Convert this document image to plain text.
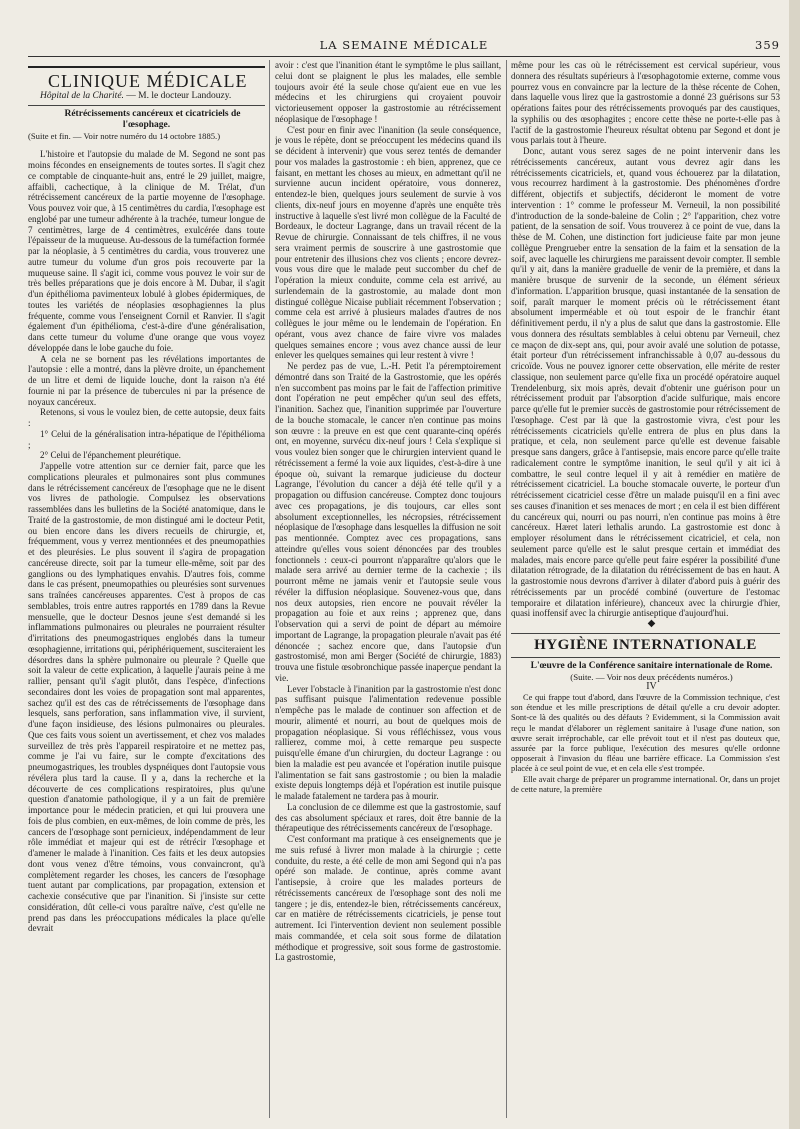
LA SEMAINE MÉDICALE	359
CLINIQUE MÉDICALE

Hôpital de la Charité. — M. le docteur Landouzy.

Rétrécissements cancéreux et cicatriciels de l'œsophage.

(Suite et fin. — Voir notre numéro du 14 octobre 1885.)

L'histoire et l'autopsie du malade de M. Segond ne sont pas moins fécondes en enseignements de toutes sortes. Il s'agit chez ce comptable de cinquante-huit ans, entré le 29 juillet, maigre, affaibli, cachectique, à la clinique de M. Trélat, d'un rétrécissement cancéreux de la partie moyenne de l'œsophage. Vous pouvez voir que, à 15 centimètres du cardia, l'œsophage est englobé par une tumeur adhérente à la trachée, tumeur longue de 7 centimètres, large de 4 centimètres, exulcérée dans toute l'épaisseur de la muqueuse. Au-dessous de la tuméfaction formée par la néoplasie, à 5 centimètres du cardia, vous trouverez une autre tumeur du volume d'un gros pois recouverte par la muqueuse saine. Il s'agit ici, comme vous pouvez le voir sur de très belles préparations que je dois encore à M. Dubar, il s'agit d'un épithélioma pavimenteux lobulé à globes épidermiques, de toutes les variétés de néoplasies œsophagiennes la plus fréquente, comme vous l'enseignent Cornil et Ranvier. Il s'agit également d'un épithélioma, c'est-à-dire d'une généralisation, dans cette tumeur du volume d'une orange que vous voyez développée dans le lobe gauche du foie.

A cela ne se bornent pas les révélations importantes de l'autopsie : elle a montré, dans la plèvre droite, un épanchement de un litre et demi de liquide louche, dont la raison n'a été fournie ni par la présence de tubercules ni par la présence de noyaux cancéreux.

Retenons, si vous le voulez bien, de cette autopsie, deux faits :

1° Celui de la généralisation intra-hépatique de l'épithélioma ;

2° Celui de l'épanchement pleurétique.

J'appelle votre attention sur ce dernier fait, parce que les complications pleurales et pulmonaires sont plus communes dans le rétrécissement cancéreux de l'œsophage que ne le disent vos livres de pathologie. Compulsez les observations rassemblées dans les bulletins de la Société anatomique, dans le Traité de la gastrostomie, de mon distingué ami le docteur Petit, ou bien encore dans les divers recueils de chirurgie, et, fréquemment, vous y verrez mentionnées et des pneumopathies et des pleurésies. Le plus souvent il s'agira de propagation cancéreuse directe, soit par la tumeur elle-même, soit par des ganglions ou des lymphatiques envahis. D'autres fois, comme dans le cas présent, pneumopathies ou pleurésies sont survenues sans traînées cancéreuses apparentes. C'est à propos de cas semblables, trois entre autres rapportés en 1789 dans la Revue mensuelle, que le docteur Desnos jeune s'est demandé si les inflammations pulmonaires ou pleurales ne pourraient résulter d'irritations des pneumogastriques englobés dans la tumeur œsophagienne, irritations qui, périphériquement, susciteraient les désordres dans la sphère pulmonaire ou pleurale ? Quelle que soit la valeur de cette explication, à laquelle j'aurais peine à me rallier, pensant qu'il s'agit plutôt, dans l'espèce, d'infections secondaires dont les voies de propagation sont mal apparentes, sachez qu'il est des cas de rétrécissements de l'œsophage dans lesquels, sans perforation, sans inflammation vive, il survient, d'une façon insidieuse, des lésions pulmonaires ou pleurales. Que ces faits vous soient un avertissement, et chez vos malades surveillez de très près l'appareil respiratoire et ne mettez pas, comme je l'ai vu faire, sur le compte d'excitations des pneumogastriques, les troubles dyspnéiques dont l'autopsie vous révélera plus tard la cause. Il y a, dans la recherche et la découverte de ces complications respiratoires, plus qu'une question d'anatomie pathologique, il y a un fait de première importance pour le médecin praticien, et qui lui prouvera une fois de plus combien, en eux-mêmes, de loin comme de près, les cancers de l'œsophage sont pernicieux, indépendamment de leur rôle immédiat et majeur qui est de rétrécir l'œsophage et d'amener le malade à l'inanition. Ces faits et les deux autopsies dont vous venez d'être témoins, vous convaincront, qu'à complètement regarder les choses, les cancers de l'œsophage tuent autant par complications, par propagation, extension et cachexie consécutive que par l'inanition. Si j'insiste sur cette considération, dût celle-ci vous paraître naïve, c'est qu'elle ne prend pas dans les préoccupations médicales la place qu'elle devrait

avoir : c'est que l'inanition étant le symptôme le plus saillant, celui dont se plaignent le plus les malades, elle semble toujours avoir été la seule chose qu'aient eue en vue les médecins et les chirurgiens qui croyaient pouvoir victorieusement opposer la gastrostomie au rétrécissement néoplasique de l'œsophage !

C'est pour en finir avec l'inanition (la seule conséquence, je vous le répète, dont se préoccupent les médecins quand ils se décident à intervenir) que vous serez tentés de demander pour vos malades la gastrostomie : eh bien, apprenez, que ce faisant, en mettant les choses au mieux, en admettant qu'il ne survienne aucun incident opératoire, vous donnerez, entendez-le bien, quelques jours seulement de survie à vos clients, dix-neuf jours en moyenne d'après une enquête très instructive à laquelle s'est livré mon collègue de la Faculté de Bordeaux, le docteur Lagrange, dans un travail récent de la Revue de chirurgie. Connaissant de tels chiffres, il ne vous sera vraiment permis de souscrire à une gastrostomie que pour entretenir des illusions chez vos clients ; encore devrez-vous vous dire que le malade peut succomber du chef de l'opération la mieux conduite, comme cela est arrivé, au surlendemain de la gastrostomie, au malade dont mon distingué collègue Nicaise publiait récemment l'observation ; comme cela est arrivé à plusieurs malades d'autres de nos collègues le jour même ou le lendemain de l'opération. En opérant, vous avez chance de faire vivre vos malades quelques semaines encore ; vous avez chance aussi de leur enlever les quelques semaines qui leur restent à vivre !

Ne perdez pas de vue, L.-H. Petit l'a péremptoirement démontré dans son Traité de la Gastrostomie, que les opérés n'en succombent pas moins par le fait de l'affection primitive dont l'opération ne peut empêcher qu'un seul des effets, l'inanition. Sachez que, l'inanition supprimée par l'ouverture de la bouche stomacale, le cancer n'en continue pas moins son œuvre : la preuve en est que cent quarante-cinq opérés ont, en moyenne, survécu dix-neuf jours ! Cela s'explique si vous voulez bien songer que le chirurgien intervient quand le rétrécissement a fermé la voie aux liquides, c'est-à-dire à une époque où, suivant la remarque judicieuse du docteur Lagrange, l'évolution du cancer a déjà été telle qu'il y a propagation ou diffusion cancéreuse. Comptez donc toujours avec ces propagations, je dis toujours, car elles sont absolument exceptionnelles, les nécropsies, rétrécissement néoplasique de l'œsophage dans lesquelles la diffusion ne soit pas mentionnée. Comptez avec ces propagations, sans atteindre qu'elles vous soient dénoncées par des troubles fonctionnels : ceux-ci pourront n'apparaître qu'alors que le malade sera arrivé au dernier terme de la cachexie ; ils pourront même ne jamais venir et l'autopsie seule vous révéler la diffusion néoplasique. Souvenez-vous que, dans nos deux autopsies, rien encore ne pouvait révéler la propagation au foie et aux reins ; apprenez que, dans l'observation qui a servi de point de départ au mémoire important de Lagrange, la propagation pleurale n'avait pas été dénoncée ; sachez encore que, dans l'autopsie d'un gastrostomisé, mon ami Berger (Société de chirurgie, 1883) trouva une fistule œsobronchique passée inaperçue pendant la vie.

Lever l'obstacle à l'inanition par la gastrostomie n'est donc pas suffisant puisque l'alimentation redevenue possible n'empêche pas le malade de continuer son affection et de mourir, alimenté et nourri, au bout de quelques mois de propagation néoplasique. Si vous réfléchissez, vous vous rallierez, comme moi, à cette remarque peu suspecte puisqu'elle émane d'un chirurgien, du docteur Lagrange : ou bien la maladie est peu avancée et l'opération inutile puisque l'alimentation se fait sans gastrostomie ; ou bien la maladie existe depuis longtemps déjà et l'opération est inutile puisque le malade fatalement ne tardera pas à mourir.

La conclusion de ce dilemme est que la gastrostomie, sauf des cas absolument spéciaux et rares, doit être bannie de la thérapeutique des rétrécissements cancéreux de l'œsophage.

C'est conformant ma pratique à ces enseignements que je me suis refusé à livrer mon malade à la chirurgie ; cette conduite, du reste, a été celle de mon ami Segond qui n'a pas opéré son malade. Je continue, après comme avant l'antisepsie, à croire que les malades porteurs de rétrécissements cancéreux de l'œsophage sont des noli me tangere ; je dis, entendez-le bien, rétrécissements cancéreux, car en matière de rétrécissements cicatriciels, je pense tout autrement. Ici l'intervention devient non seulement possible mais commandée, et cela soit sous forme de dilatation méthodique et progressive, soit sous forme de gastrostomie. La gastrostomie,

même pour les cas où le rétrécissement est cervical supérieur, vous donnera des résultats supérieurs à l'œsophagotomie externe, comme vous pourrez vous en convaincre par la lecture de la thèse récente de Cohen, dans laquelle vous lirez que la gastrostomie a donné 23 guérisons sur 53 opérations faites pour des rétrécissements provoqués par des caustiques, la syphilis ou des œsophagites ; encore cette thèse ne porte-t-elle pas à l'actif de la gastrostomie l'heureux résultat obtenu par Segond et dont je vous parlais tout à l'heure.

Donc, autant vous serez sages de ne point intervenir dans les rétrécissements cancéreux, autant vous devrez agir dans les rétrécissements cicatriciels, et, quand vous échouerez par la dilatation, vous recourrez hardiment à la gastrostomie. Des phénomènes d'ordre différent, objectifs et subjectifs, décideront le moment de votre intervention : 1° comme le professeur M. Verneuil, la non possibilité d'introduction de la sonde-baleine de Colin ; 2° l'apparition, chez votre patient, de la sensation de soif. Vous trouverez à ce point de vue, dans la thèse de M. Cohen, une distinction fort judicieuse faite par mon jeune collègue Prengrueber entre la sensation de la faim et la sensation de la soif, avec laquelle les chirurgiens me paraissent devoir compter. Il semble qu'il y ait, dans la manière graduelle de venir de la première, et dans la manière brusque de survenir de la seconde, un élément sérieux d'information. L'apparition brusque, quasi instantanée de la sensation de soif, paraît marquer le moment précis où le rétrécissement étant absolument imperméable et où tout espoir de le franchir étant définitivement perdu, il n'y a plus de salut que dans la gastrostomie. Elle vous donnera des résultats semblables à celui obtenu par Verneuil, chez ce maçon de dix-sept ans, qui, pour avoir avalé une solution de potasse, était porteur d'un rétrécissement infranchissable à 0,07 au-dessous du cricoïde. Vous ne pouvez ignorer cette observation, elle mérite de rester classique, non seulement parce qu'elle fixa un procédé opératoire auquel Trendelenburg, six mois après, devait d'obtenir une guérison pour un rétrécissement produit par l'absorption d'acide sulfurique, mais encore parce qu'elle fut le premier succès de gastrostomie pour rétrécissement de l'œsophage. C'est par là que la gastrostomie vivra, c'est pour les rétrécissements cicatriciels qu'elle entrera de plus en plus dans la pratique, et cela, non seulement parce qu'elle est devenue faisable presque sans dangers, grâce à l'antisepsie, mais encore parce qu'elle traite radicalement contre le symptôme inanition, le seul qu'il y ait ici à combattre, le seul contre lequel il y ait à remédier en matière de rétrécissement cicatriciel. La bouche stomacale ouverte, le porteur d'un rétrécissement cicatriciel cesse d'être un malade puisqu'il en a fini avec ses causes d'inanition et ses menaces de mort ; en cela il est bien différent du cancéreux qui, nourri ou pas nourri, n'en continue pas moins à être cancéreux. Hæret lateri lethalis arundo. La gastrostomie est donc à employer résolument dans le rétrécissement cicatriciel, et cela, non seulement parce qu'elle est le salut presque certain et immédiat des malades, mais encore parce qu'elle peut faire espérer la possibilité d'une dilatation rétrograde, de la dilatation du rétrécissement de bas en haut. A la gastrostomie nous devrons d'arriver à dilater d'abord puis à guérir des rétrécissements par un procédé combiné (ouverture de l'estomac temporaire et dilatation inférieure), chanceux avec la chirurgie d'hier, quasi inoffensif avec la chirurgie antiseptique d'aujourd'hui.

◆

HYGIÈNE INTERNATIONALE

L'œuvre de la Conférence sanitaire internationale de Rome.

(Suite. — Voir nos deux précédents numéros.)

IV

Ce qui frappe tout d'abord, dans l'œuvre de la Commission technique, c'est son étendue et les mille prescriptions de détail qu'elle a cru devoir adopter. Sont-ce là des qualités ou des défauts ? Evidemment, si la Commission avait reçu le mandat d'élaborer un règlement sanitaire à l'usage d'une nation, son œuvre serait irréprochable, car elle prévoit tout et il n'est pas douteux que, assurée par la force publique, l'exécution des mesures qu'elle ordonne opposerait à l'invasion du fléau une barrière efficace. La Commission s'est placée à ce seul point de vue, et en cela elle s'est trompée.

Elle avait charge de préparer un programme international. Or, dans un projet de cette nature, la première
